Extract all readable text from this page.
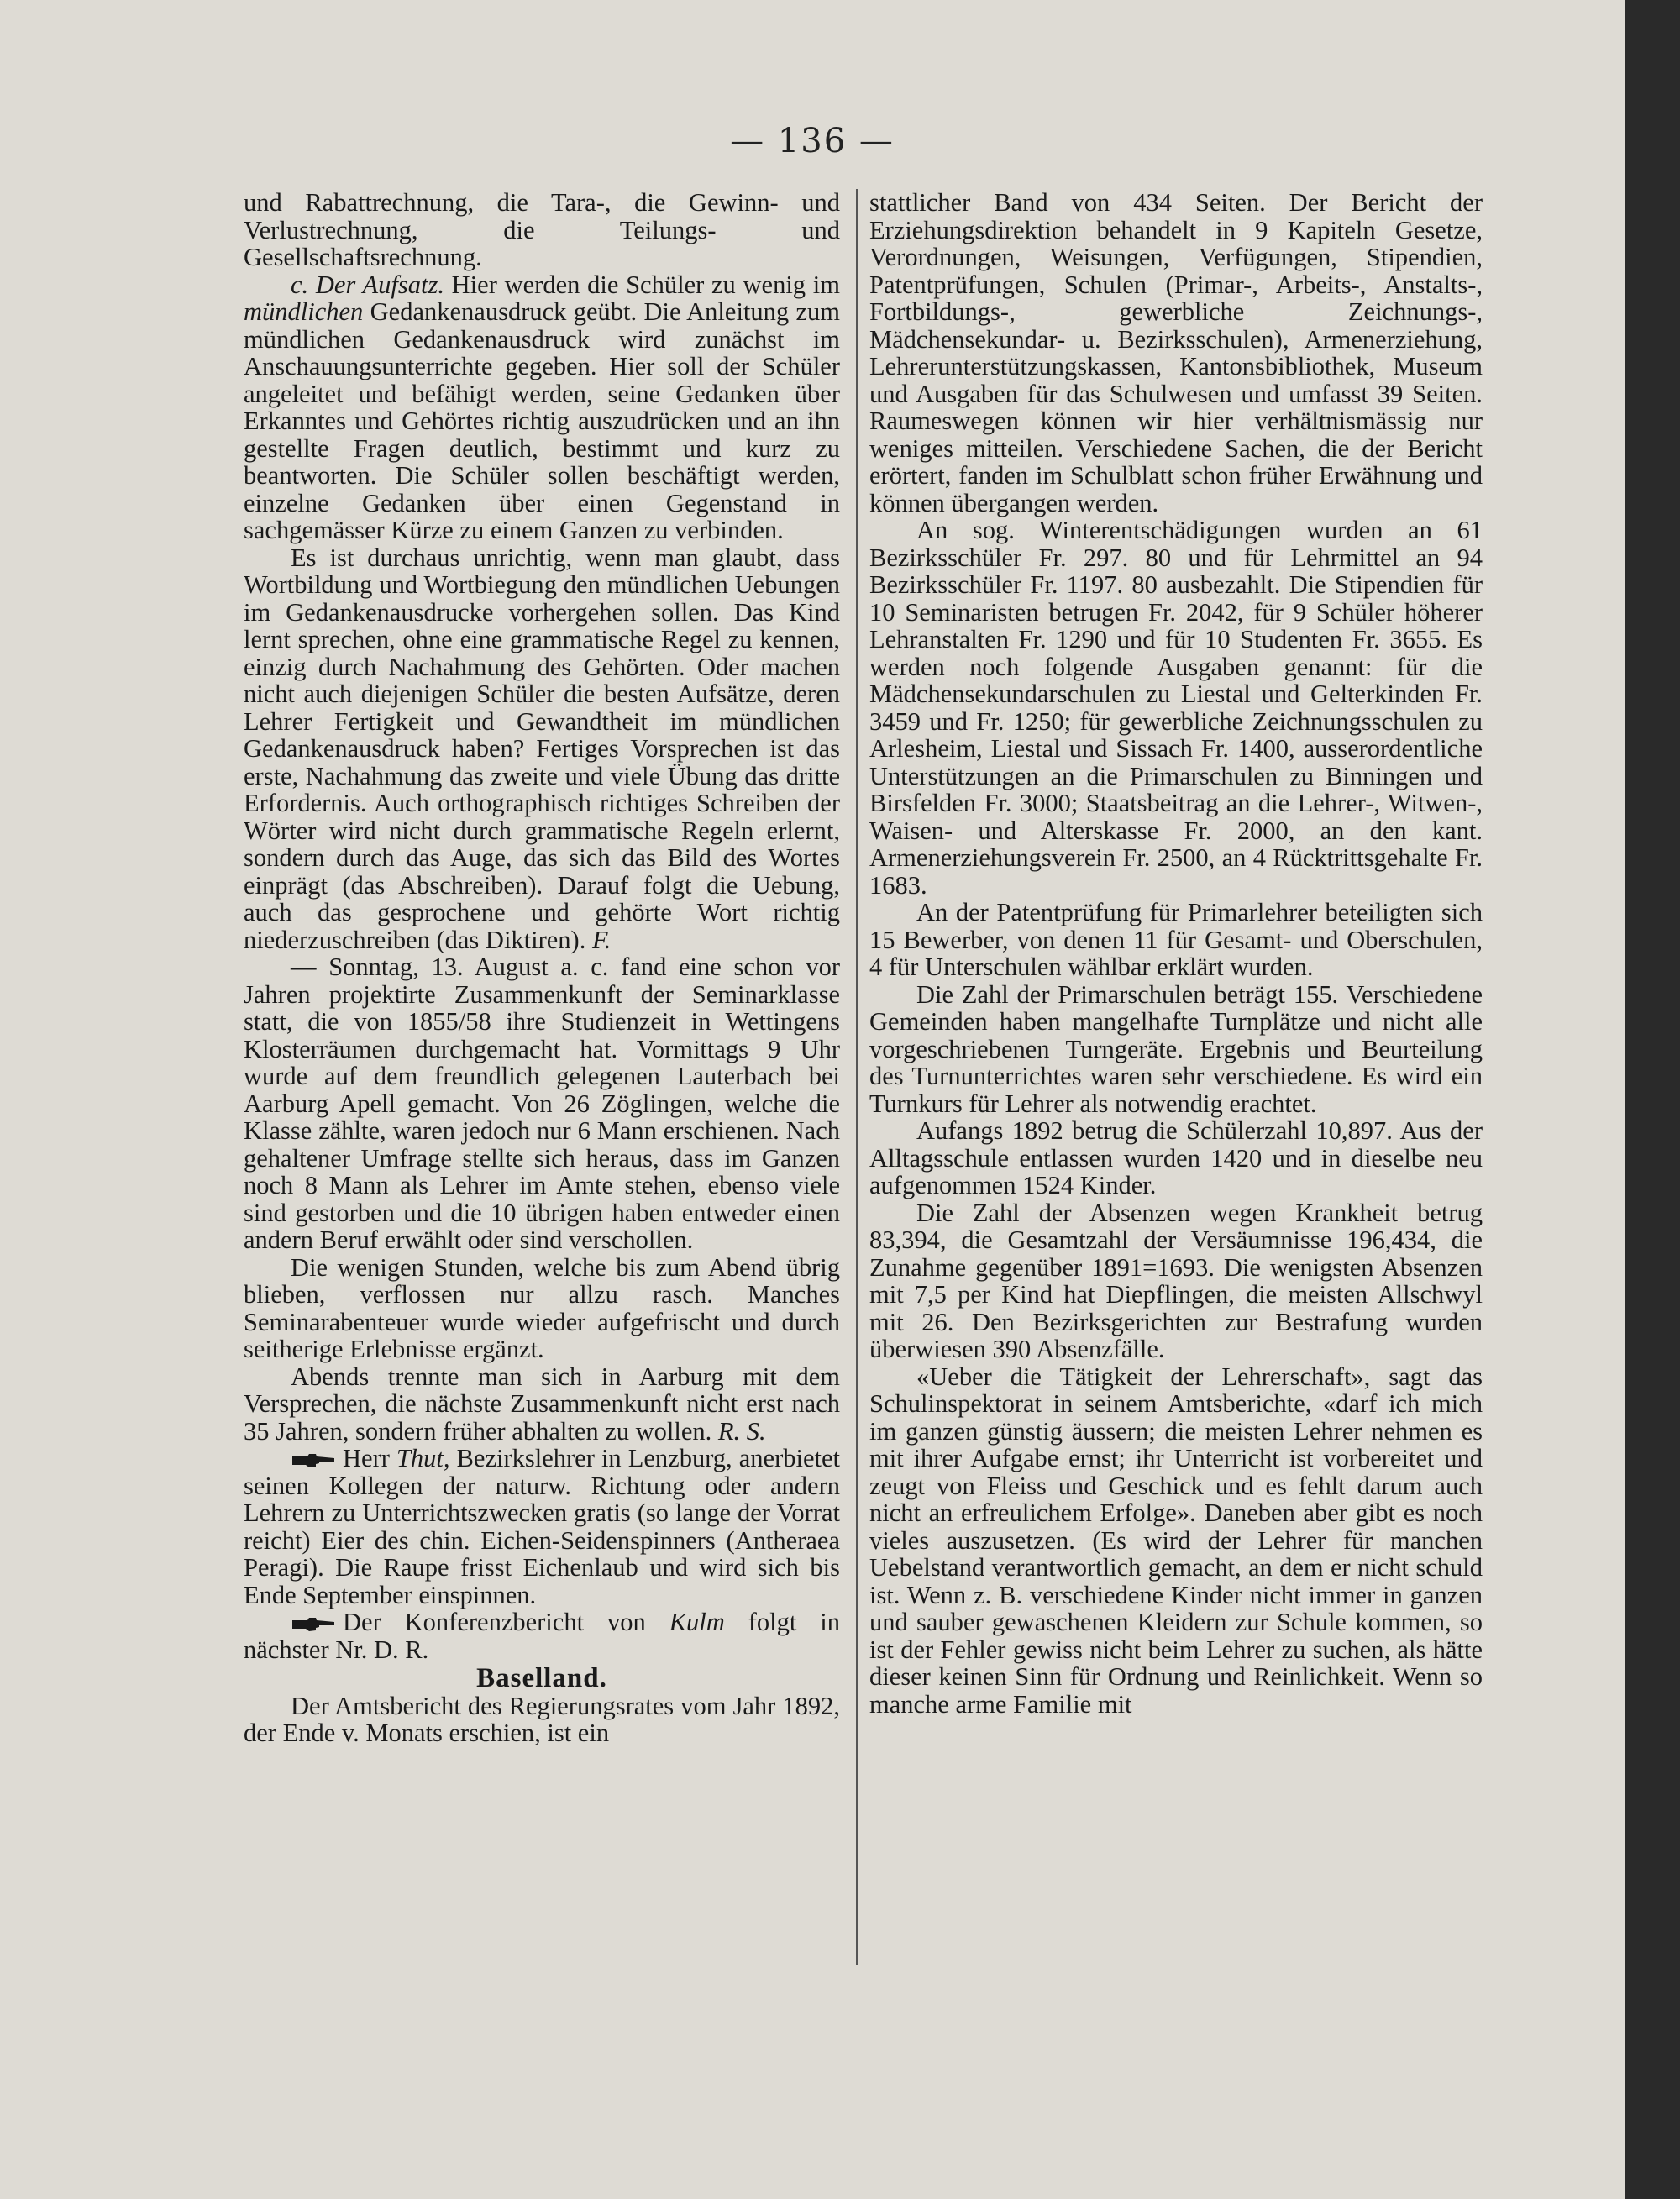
— 136 —

und Rabattrechnung, die Tara-, die Gewinn- und Verlustrechnung, die Teilungs- und Gesellschaftsrechnung.

c. Der Aufsatz. Hier werden die Schüler zu wenig im mündlichen Gedankenausdruck geübt. Die Anleitung zum mündlichen Gedankenausdruck wird zunächst im Anschauungsunterrichte gegeben. Hier soll der Schüler angeleitet und befähigt werden, seine Gedanken über Erkanntes und Gehörtes richtig auszudrücken und an ihn gestellte Fragen deutlich, bestimmt und kurz zu beantworten. Die Schüler sollen beschäftigt werden, einzelne Gedanken über einen Gegenstand in sachgemässer Kürze zu einem Ganzen zu verbinden.

Es ist durchaus unrichtig, wenn man glaubt, dass Wortbildung und Wortbiegung den mündlichen Uebungen im Gedankenausdrucke vorhergehen sollen. Das Kind lernt sprechen, ohne eine grammatische Regel zu kennen, einzig durch Nachahmung des Gehörten. Oder machen nicht auch diejenigen Schüler die besten Aufsätze, deren Lehrer Fertigkeit und Gewandtheit im mündlichen Gedankenausdruck haben? Fertiges Vorsprechen ist das erste, Nachahmung das zweite und viele Übung das dritte Erfordernis. Auch orthographisch richtiges Schreiben der Wörter wird nicht durch grammatische Regeln erlernt, sondern durch das Auge, das sich das Bild des Wortes einprägt (das Abschreiben). Darauf folgt die Uebung, auch das gesprochene und gehörte Wort richtig niederzuschreiben (das Diktiren). F.

— Sonntag, 13. August a. c. fand eine schon vor Jahren projektirte Zusammenkunft der Seminarklasse statt, die von 1855/58 ihre Studienzeit in Wettingens Klosterräumen durchgemacht hat. Vormittags 9 Uhr wurde auf dem freundlich gelegenen Lauterbach bei Aarburg Apell gemacht. Von 26 Zöglingen, welche die Klasse zählte, waren jedoch nur 6 Mann erschienen. Nach gehaltener Umfrage stellte sich heraus, dass im Ganzen noch 8 Mann als Lehrer im Amte stehen, ebenso viele sind gestorben und die 10 übrigen haben entweder einen andern Beruf erwählt oder sind verschollen.

Die wenigen Stunden, welche bis zum Abend übrig blieben, verflossen nur allzu rasch. Manches Seminarabenteuer wurde wieder aufgefrischt und durch seitherige Erlebnisse ergänzt.

Abends trennte man sich in Aarburg mit dem Versprechen, die nächste Zusammenkunft nicht erst nach 35 Jahren, sondern früher abhalten zu wollen. R. S.

Herr Thut, Bezirkslehrer in Lenzburg, anerbietet seinen Kollegen der naturw. Richtung oder andern Lehrern zu Unterrichtszwecken gratis (so lange der Vorrat reicht) Eier des chin. Eichen-Seidenspinners (Antheraea Peragi). Die Raupe frisst Eichenlaub und wird sich bis Ende September einspinnen.

Der Konferenzbericht von Kulm folgt in nächster Nr. D. R.

Baselland.

Der Amtsbericht des Regierungsrates vom Jahr 1892, der Ende v. Monats erschien, ist ein

stattlicher Band von 434 Seiten. Der Bericht der Erziehungsdirektion behandelt in 9 Kapiteln Gesetze, Verordnungen, Weisungen, Verfügungen, Stipendien, Patentprüfungen, Schulen (Primar-, Arbeits-, Anstalts-, Fortbildungs-, gewerbliche Zeichnungs-, Mädchensekundar- u. Bezirksschulen), Armenerziehung, Lehrerunterstützungskassen, Kantonsbibliothek, Museum und Ausgaben für das Schulwesen und umfasst 39 Seiten. Raumeswegen können wir hier verhältnismässig nur weniges mitteilen. Verschiedene Sachen, die der Bericht erörtert, fanden im Schulblatt schon früher Erwähnung und können übergangen werden.

An sog. Winterentschädigungen wurden an 61 Bezirksschüler Fr. 297. 80 und für Lehrmittel an 94 Bezirksschüler Fr. 1197. 80 ausbezahlt. Die Stipendien für 10 Seminaristen betrugen Fr. 2042, für 9 Schüler höherer Lehranstalten Fr. 1290 und für 10 Studenten Fr. 3655. Es werden noch folgende Ausgaben genannt: für die Mädchensekundarschulen zu Liestal und Gelterkinden Fr. 3459 und Fr. 1250; für gewerbliche Zeichnungsschulen zu Arlesheim, Liestal und Sissach Fr. 1400, ausserordentliche Unterstützungen an die Primarschulen zu Binningen und Birsfelden Fr. 3000; Staatsbeitrag an die Lehrer-, Witwen-, Waisen- und Alterskasse Fr. 2000, an den kant. Armenerziehungsverein Fr. 2500, an 4 Rücktrittsgehalte Fr. 1683.

An der Patentprüfung für Primarlehrer beteiligten sich 15 Bewerber, von denen 11 für Gesamt- und Oberschulen, 4 für Unterschulen wählbar erklärt wurden.

Die Zahl der Primarschulen beträgt 155. Verschiedene Gemeinden haben mangelhafte Turnplätze und nicht alle vorgeschriebenen Turngeräte. Ergebnis und Beurteilung des Turnunterrichtes waren sehr verschiedene. Es wird ein Turnkurs für Lehrer als notwendig erachtet.

Aufangs 1892 betrug die Schülerzahl 10,897. Aus der Alltagsschule entlassen wurden 1420 und in dieselbe neu aufgenommen 1524 Kinder.

Die Zahl der Absenzen wegen Krankheit betrug 83,394, die Gesamtzahl der Versäumnisse 196,434, die Zunahme gegenüber 1891=1693. Die wenigsten Absenzen mit 7,5 per Kind hat Diepflingen, die meisten Allschwyl mit 26. Den Bezirksgerichten zur Bestrafung wurden überwiesen 390 Absenzfälle.

«Ueber die Tätigkeit der Lehrerschaft», sagt das Schulinspektorat in seinem Amtsberichte, «darf ich mich im ganzen günstig äussern; die meisten Lehrer nehmen es mit ihrer Aufgabe ernst; ihr Unterricht ist vorbereitet und zeugt von Fleiss und Geschick und es fehlt darum auch nicht an erfreulichem Erfolge». Daneben aber gibt es noch vieles auszusetzen. (Es wird der Lehrer für manchen Uebelstand verantwortlich gemacht, an dem er nicht schuld ist. Wenn z. B. verschiedene Kinder nicht immer in ganzen und sauber gewaschenen Kleidern zur Schule kommen, so ist der Fehler gewiss nicht beim Lehrer zu suchen, als hätte dieser keinen Sinn für Ordnung und Reinlichkeit. Wenn so manche arme Familie mit
